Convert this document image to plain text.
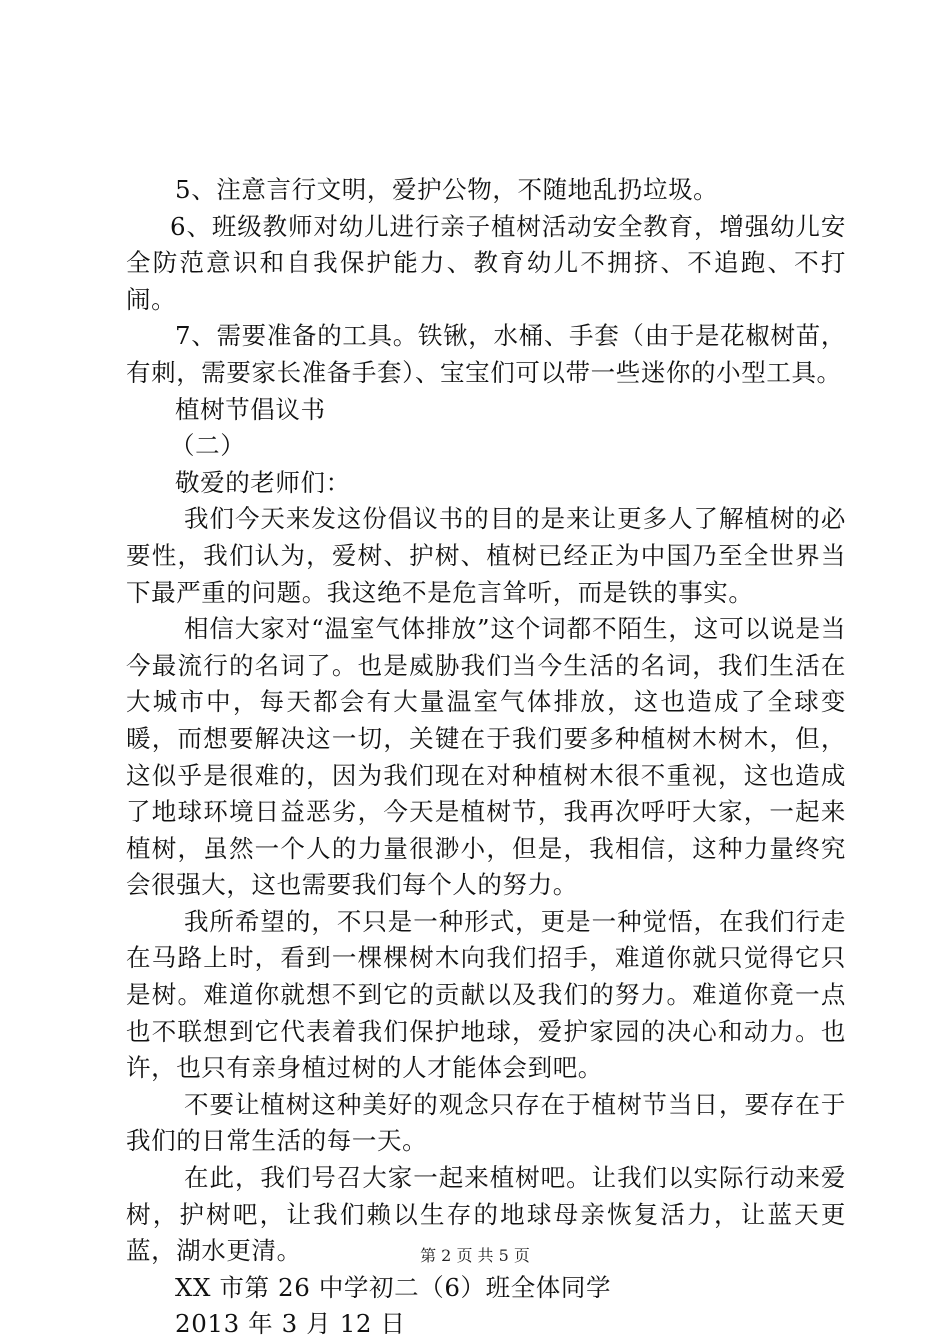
5、注意言行文明，爱护公物，不随地乱扔垃圾。

6、班级教师对幼儿进行亲子植树活动安全教育，增强幼儿安全防范意识和自我保护能力、教育幼儿不拥挤、不追跑、不打闹。

7、需要准备的工具。铁锹，水桶、手套（由于是花椒树苗，有刺，需要家长准备手套）、宝宝们可以带一些迷你的小型工具。

植树节倡议书

（二）

敬爱的老师们：

我们今天来发这份倡议书的目的是来让更多人了解植树的必要性，我们认为，爱树、护树、植树已经正为中国乃至全世界当下最严重的问题。我这绝不是危言耸听，而是铁的事实。

相信大家对“温室气体排放”这个词都不陌生，这可以说是当今最流行的名词了。也是威胁我们当今生活的名词，我们生活在大城市中，每天都会有大量温室气体排放，这也造成了全球变暖，而想要解决这一切，关键在于我们要多种植树木树木，但，这似乎是很难的，因为我们现在对种植树木很不重视，这也造成了地球环境日益恶劣，今天是植树节，我再次呼吁大家，一起来植树，虽然一个人的力量很渺小，但是，我相信，这种力量终究会很强大，这也需要我们每个人的努力。

我所希望的，不只是一种形式，更是一种觉悟，在我们行走在马路上时，看到一棵棵树木向我们招手，难道你就只觉得它只是树。难道你就想不到它的贡献以及我们的努力。难道你竟一点也不联想到它代表着我们保护地球，爱护家园的决心和动力。也许，也只有亲身植过树的人才能体会到吧。

不要让植树这种美好的观念只存在于植树节当日，要存在于我们的日常生活的每一天。

在此，我们号召大家一起来植树吧。让我们以实际行动来爱树，护树吧，让我们赖以生存的地球母亲恢复活力，让蓝天更蓝，湖水更清。

XX 市第 26 中学初二（6）班全体同学

2013 年 3 月 12 日

第 2 页 共 5 页
